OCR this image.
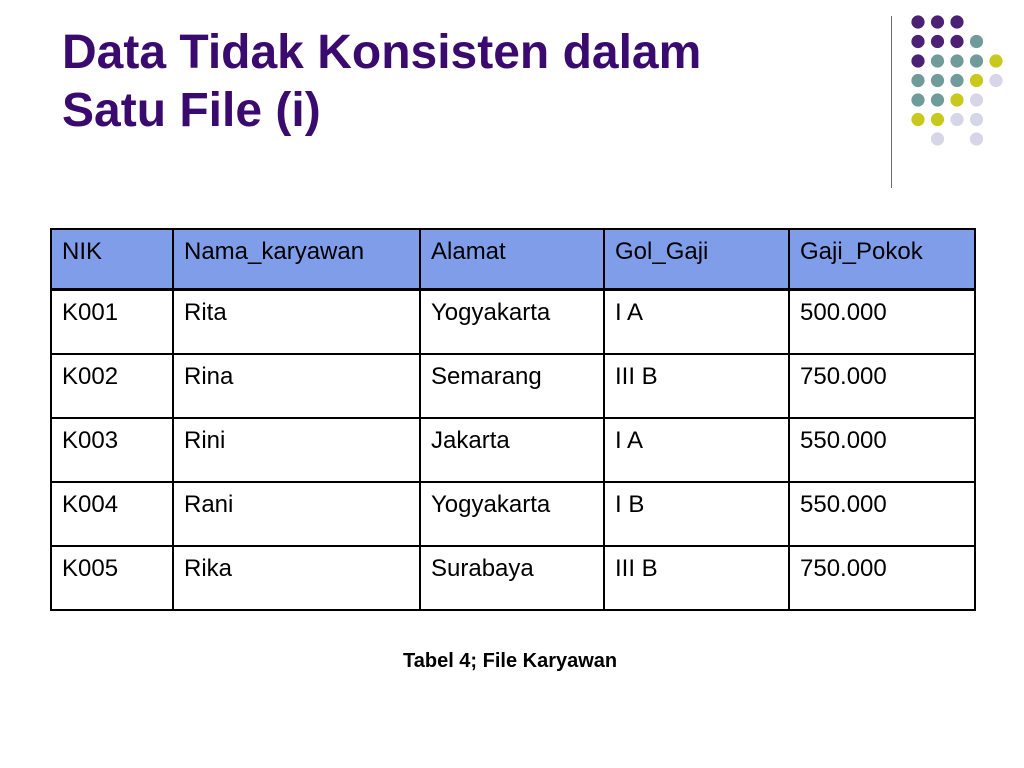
Data Tidak Konsisten dalam
Satu File (i)
NIK	Nama_karyawan	Alamat	Gol_Gaji	Gaji_Pokok
K001	Rita	Yogyakarta	I A	500.000
K002	Rina	Semarang	III B	750.000
K003	Rini	Jakarta	I A	550.000
K004	Rani	Yogyakarta	I B	550.000
K005	Rika	Surabaya	III B	750.000

Tabel 4; File Karyawan
